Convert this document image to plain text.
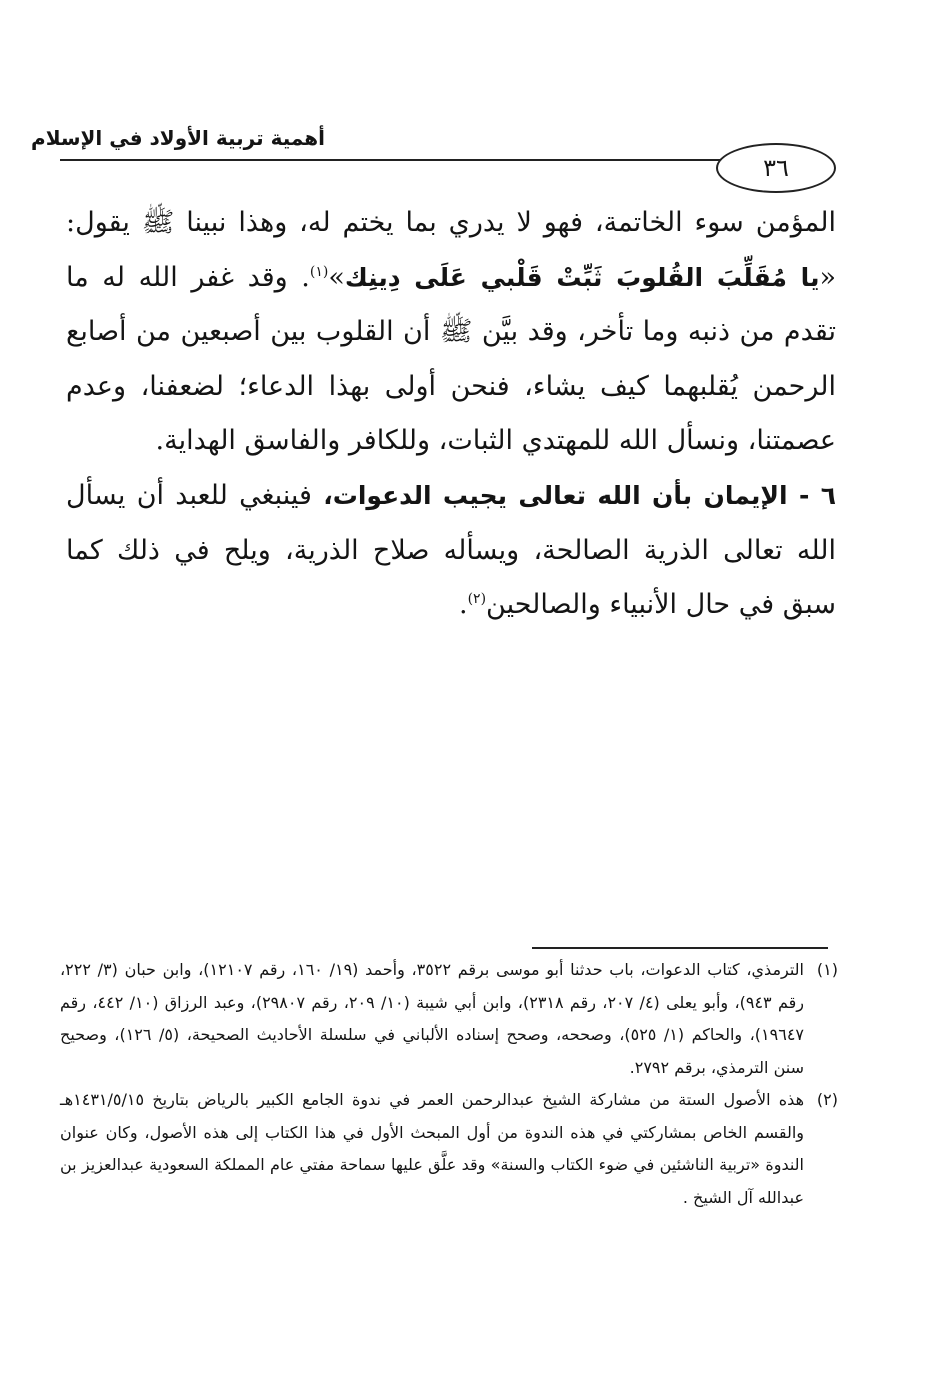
أهمية تربية الأولاد في الإسلام
٣٦

المؤمن سوء الخاتمة، فهو لا يدري بما يختم له، وهذا نبينا ﷺ يقول: «يا مُقَلِّبَ القُلوبَ ثَبِّتْ قَلْبي عَلَى دِينِك»$^{(١)}$. وقد غفر الله له ما تقدم من ذنبه وما تأخر، وقد بيَّن ﷺ أن القلوب بين أصبعين من أصابع الرحمن يُقلبهما كيف يشاء، فنحن أولى بهذا الدعاء؛ لضعفنا، وعدم عصمتنا، ونسأل الله للمهتدي الثبات، وللكافر والفاسق الهداية.

٦ - الإيمان بأن الله تعالى يجيب الدعوات، فينبغي للعبد أن يسأل الله تعالى الذرية الصالحة، ويسأله صلاح الذرية، ويلح في ذلك كما سبق في حال الأنبياء والصالحين$^{(٢)}$.

(١)
الترمذي، كتاب الدعوات، باب حدثنا أبو موسى برقم ٣٥٢٢، وأحمد (١٩/ ١٦٠، رقم ١٢١٠٧)، وابن حبان (٣/ ٢٢٢، رقم ٩٤٣)، وأبو يعلى (٤/ ٢٠٧، رقم ٢٣١٨)، وابن أبي شيبة (١٠/ ٢٠٩، رقم ٢٩٨٠٧)، وعبد الرزاق (١٠/ ٤٤٢، رقم ١٩٦٤٧)، والحاكم (١/ ٥٢٥)، وصححه، وصحح إسناده الألباني في سلسلة الأحاديث الصحيحة، (٥/ ١٢٦)، وصحيح سنن الترمذي، برقم ٢٧٩٢.
(٢)
هذه الأصول الستة من مشاركة الشيخ عبدالرحمن العمر في ندوة الجامع الكبير بالرياض بتاريخ ١٤٣١/٥/١٥هـ والقسم الخاص بمشاركتي في هذه الندوة من أول المبحث الأول في هذا الكتاب إلى هذه الأصول، وكان عنوان الندوة «تربية الناشئين في ضوء الكتاب والسنة» وقد علَّق عليها سماحة مفتي عام المملكة السعودية عبدالعزيز بن عبدالله آل الشيخ .
